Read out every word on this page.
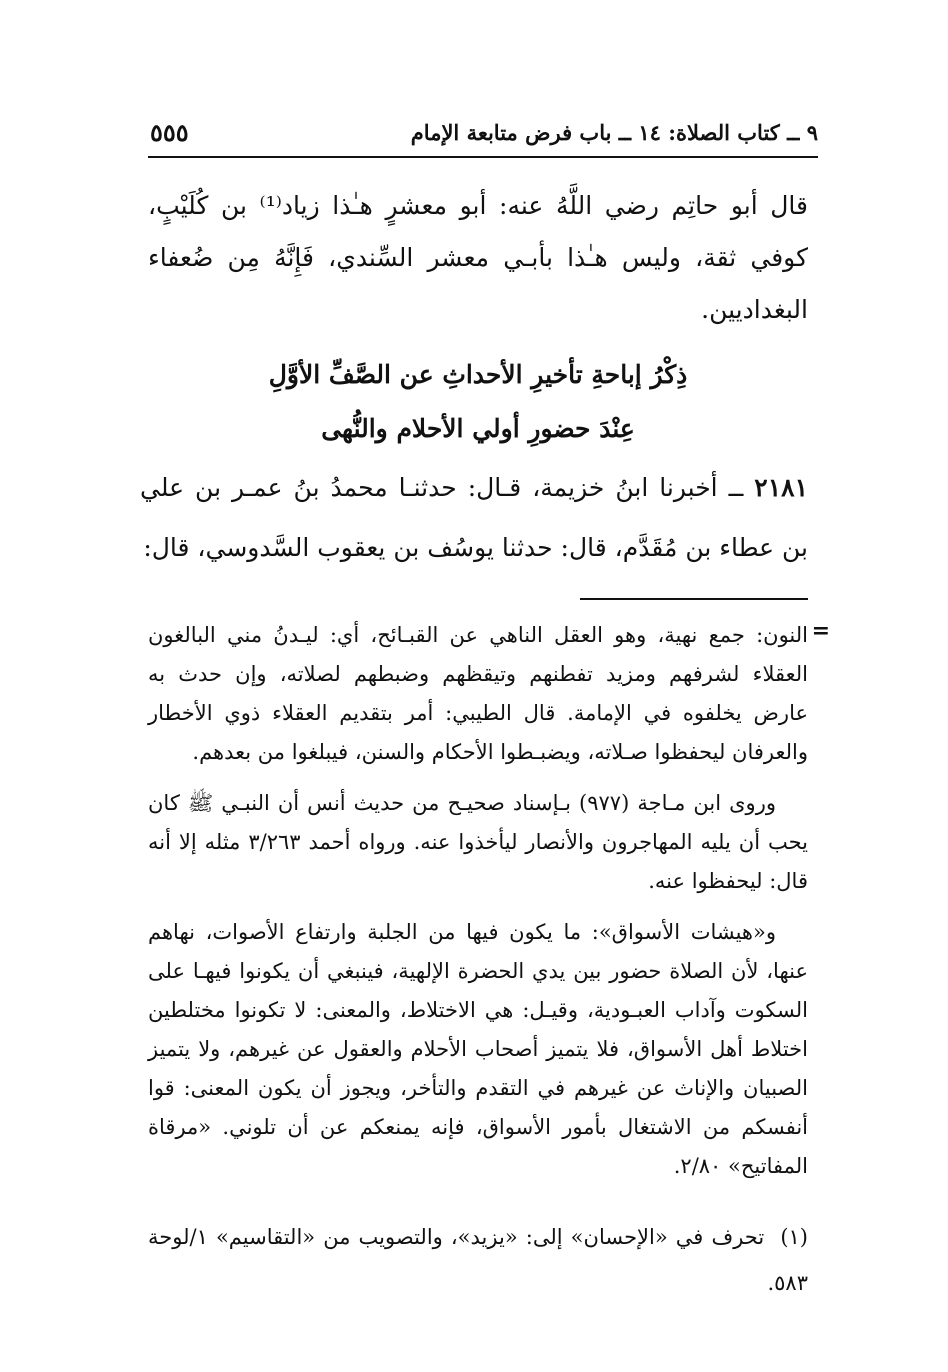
٩ ــ كتاب الصلاة: ١٤ ــ باب فرض متابعة الإمام
٥٥٥

قال أبو حاتِم رضي اللَّهُ عنه: أبو معشرٍ هـٰذا زياد⁽¹⁾ بن كُلَيْبٍ، كوفي ثقة، وليس هـٰذا بأبـي معشر السِّندي، فَإِنَّهُ مِن ضُعفاء البغداديين.

ذِكْرُ إباحةِ تأخيرِ الأحداثِ عن الصَّفِّ الأوَّلِ
عِنْدَ حضورِ أولي الأحلام والنُّهى
٢١٨١ ــ أخبرنا ابنُ خزيمة، قـال: حدثنـا محمدُ بنُ عمـر بن علي بن عطاء بن مُقَدَّم، قال: حدثنا يوسُف بن يعقوب السَّدوسي، قال:
=

النون: جمع نهية، وهو العقل الناهي عن القبـائح، أي: ليـدنُ مني البالغون العقلاء لشرفهم ومزيد تفطنهم وتيقظهم وضبطهم لصلاته، وإن حدث به عارض يخلفوه في الإمامة. قال الطيبي: أمر بتقديم العقلاء ذوي الأخطار والعرفان ليحفظوا صـلاته، ويضبـطوا الأحكام والسنن، فيبلغوا من بعدهم.

وروى ابن مـاجة (٩٧٧) بـإسناد صحيـح من حديث أنس أن النبـي ﷺ كان يحب أن يليه المهاجرون والأنصار ليأخذوا عنه. ورواه أحمد ٣/٢٦٣ مثله إلا أنه قال: ليحفظوا عنه.

و«هيشات الأسواق»: ما يكون فيها من الجلبة وارتفاع الأصوات، نهاهم عنها، لأن الصلاة حضور بين يدي الحضرة الإلهية، فينبغي أن يكونوا فيهـا على السكوت وآداب العبـودية، وقيـل: هي الاختلاط، والمعنى: لا تكونوا مختلطين اختلاط أهل الأسواق، فلا يتميز أصحاب الأحلام والعقول عن غيرهم، ولا يتميز الصبيان والإناث عن غيرهم في التقدم والتأخر، ويجوز أن يكون المعنى: قوا أنفسكم من الاشتغال بأمور الأسواق، فإنه يمنعكم عن أن تلوني. «مرقاة المفاتيح» ٢/٨٠.

(١) تحرف في «الإحسان» إلى: «يزيد»، والتصويب من «التقاسيم» ١/لوحة ٥٨٣.
